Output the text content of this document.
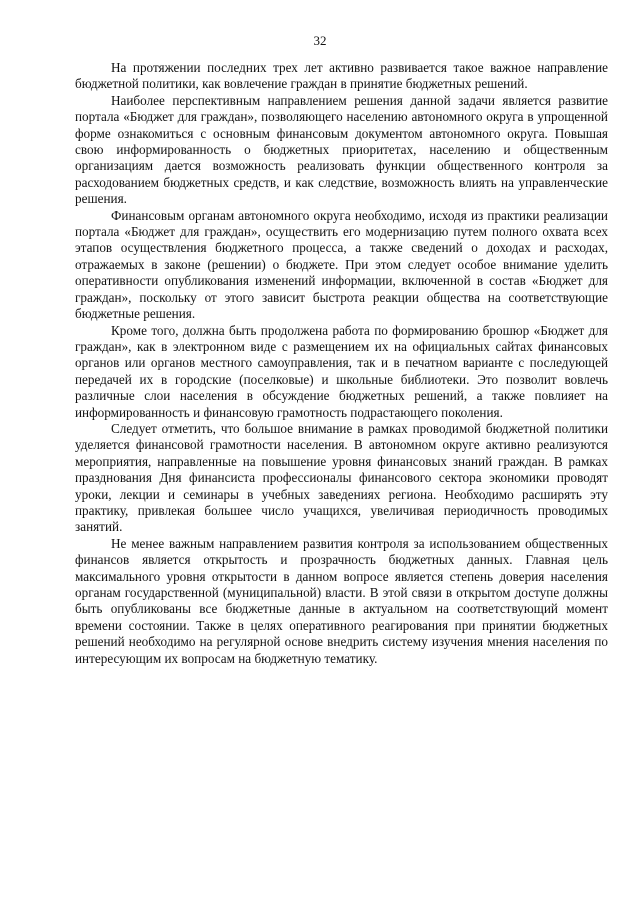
32

На протяжении последних трех лет активно развивается такое важное направление бюджетной политики, как вовлечение граждан в принятие бюджетных решений.

Наиболее перспективным направлением решения данной задачи является развитие портала «Бюджет для граждан», позволяющего населению автономного округа в упрощенной форме ознакомиться с основным финансовым документом автономного округа. Повышая свою информированность о бюджетных приоритетах, населению и общественным организациям дается возможность реализовать функции общественного контроля за расходованием бюджетных средств, и как следствие, возможность влиять на управленческие решения.

Финансовым органам автономного округа необходимо, исходя из практики реализации портала «Бюджет для граждан», осуществить его модернизацию путем полного охвата всех этапов осуществления бюджетного процесса, а также сведений о доходах и расходах, отражаемых в законе (решении) о бюджете. При этом следует особое внимание уделить оперативности опубликования изменений информации, включенной в состав «Бюджет для граждан», поскольку от этого зависит быстрота реакции общества на соответствующие бюджетные решения.

Кроме того, должна быть продолжена работа по формированию брошюр «Бюджет для граждан», как в электронном виде с размещением их на официальных сайтах финансовых органов или органов местного самоуправления, так и в печатном варианте с последующей передачей их в городские (поселковые) и школьные библиотеки. Это позволит вовлечь различные слои населения в обсуждение бюджетных решений, а также повлияет на информированность и финансовую грамотность подрастающего поколения.

Следует отметить, что большое внимание в рамках проводимой бюджетной политики уделяется финансовой грамотности населения. В автономном округе активно реализуются мероприятия, направленные на повышение уровня финансовых знаний граждан. В рамках празднования Дня финансиста профессионалы финансового сектора экономики проводят уроки, лекции и семинары в учебных заведениях региона. Необходимо расширять эту практику, привлекая большее число учащихся, увеличивая периодичность проводимых занятий.

Не менее важным направлением развития контроля за использованием общественных финансов является открытость и прозрачность бюджетных данных. Главная цель максимального уровня открытости в данном вопросе является степень доверия населения органам государственной (муниципальной) власти. В этой связи в открытом доступе должны быть опубликованы все бюджетные данные в актуальном на соответствующий момент времени состоянии. Также в целях оперативного реагирования при принятии бюджетных решений необходимо на регулярной основе внедрить систему изучения мнения населения по интересующим их вопросам на бюджетную тематику.
